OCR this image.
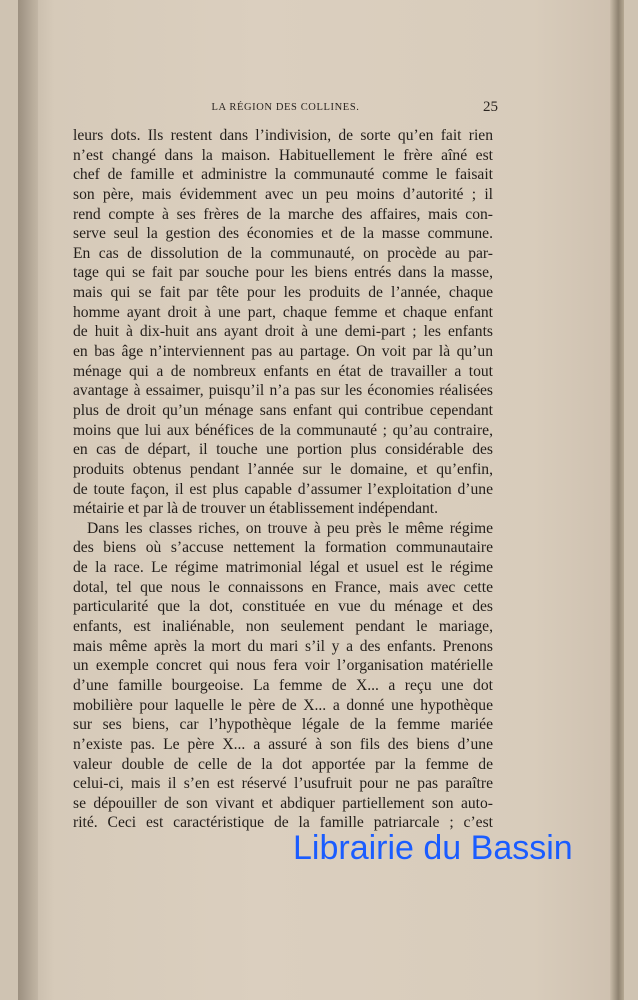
LA RÉGION DES COLLINES.	25
leurs dots. Ils restent dans l’indivision, de sorte qu’en fait rien
n’est changé dans la maison. Habituellement le frère aîné est
chef de famille et administre la communauté comme le faisait
son père, mais évidemment avec un peu moins d’autorité ; il
rend compte à ses frères de la marche des affaires, mais con-
serve seul la gestion des économies et de la masse commune.
En cas de dissolution de la communauté, on procède au par-
tage qui se fait par souche pour les biens entrés dans la masse,
mais qui se fait par tête pour les produits de l’année, chaque
homme ayant droit à une part, chaque femme et chaque enfant
de huit à dix-huit ans ayant droit à une demi-part ; les enfants
en bas âge n’interviennent pas au partage. On voit par là qu’un
ménage qui a de nombreux enfants en état de travailler a tout
avantage à essaimer, puisqu’il n’a pas sur les économies réalisées
plus de droit qu’un ménage sans enfant qui contribue cependant
moins que lui aux bénéfices de la communauté ; qu’au contraire,
en cas de départ, il touche une portion plus considérable des
produits obtenus pendant l’année sur le domaine, et qu’enfin,
de toute façon, il est plus capable d’assumer l’exploitation d’une
métairie et par là de trouver un établissement indépendant.
Dans les classes riches, on trouve à peu près le même régime
des biens où s’accuse nettement la formation communautaire
de la race. Le régime matrimonial légal et usuel est le régime
dotal, tel que nous le connaissons en France, mais avec cette
particularité que la dot, constituée en vue du ménage et des
enfants, est inaliénable, non seulement pendant le mariage,
mais même après la mort du mari s’il y a des enfants. Prenons
un exemple concret qui nous fera voir l’organisation matérielle
d’une famille bourgeoise. La femme de X... a reçu une dot
mobilière pour laquelle le père de X... a donné une hypothèque
sur ses biens, car l’hypothèque légale de la femme mariée
n’existe pas. Le père X... a assuré à son fils des biens d’une
valeur double de celle de la dot apportée par la femme de
celui-ci, mais il s’en est réservé l’usufruit pour ne pas paraître
se dépouiller de son vivant et abdiquer partiellement son auto-
rité. Ceci est caractéristique de la famille patriarcale ; c’est
Librairie du Bassin
